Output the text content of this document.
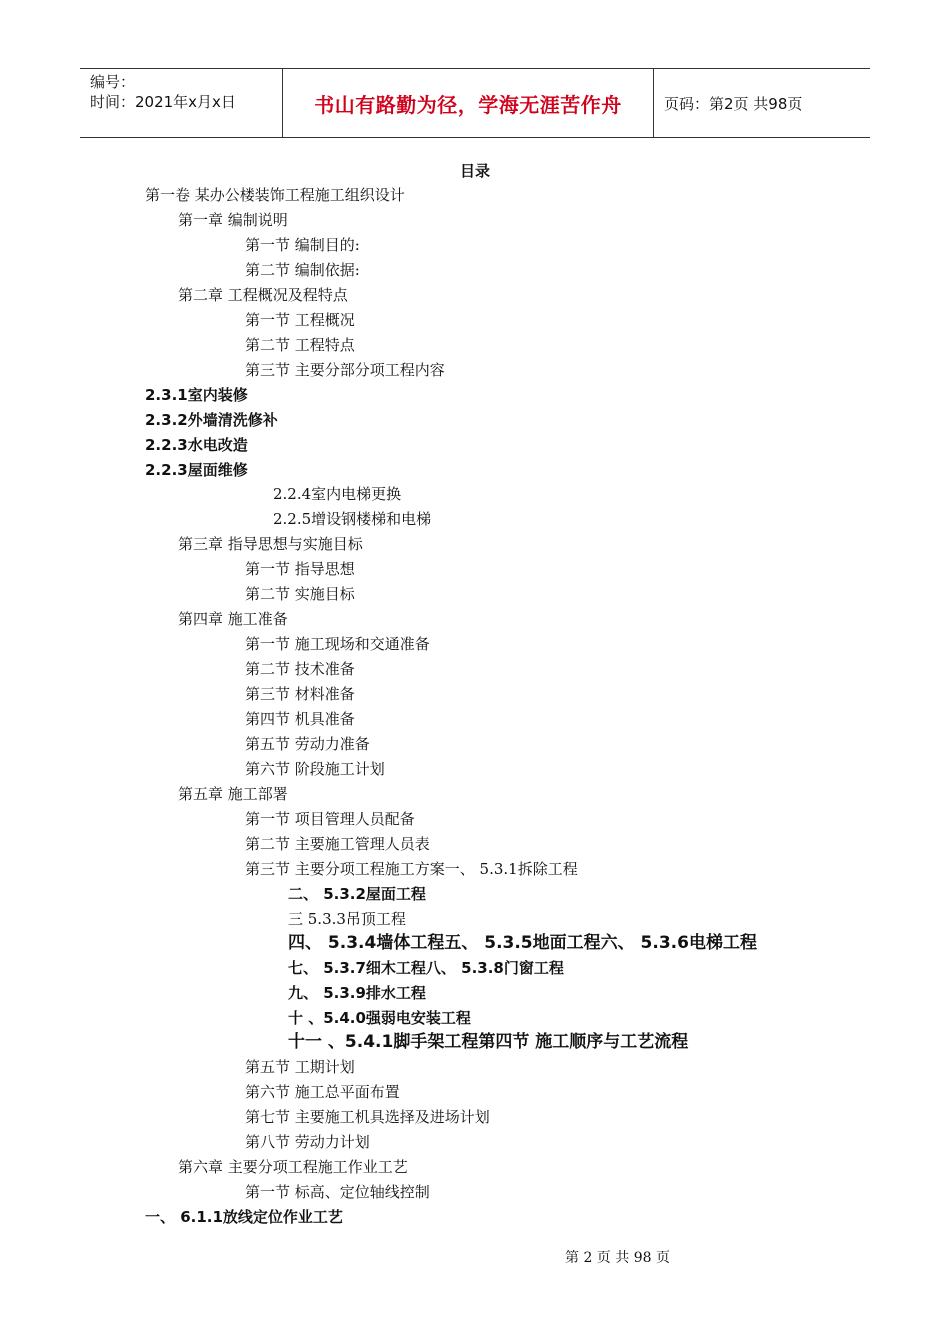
编号：
时间：2021年x月x日	书山有路勤为径，学海无涯苦作舟	页码：第2页 共98页
目录
第一卷 某办公楼装饰工程施工组织设计
第一章 编制说明
第一节 编制目的:
第二节 编制依据:
第二章 工程概况及程特点
第一节 工程概况
第二节 工程特点
第三节 主要分部分项工程内容
2.3.1室内装修
2.3.2外墙清洗修补
2.2.3水电改造
2.2.3屋面维修
2.2.4室内电梯更换
2.2.5增设钢楼梯和电梯
第三章 指导思想与实施目标
第一节 指导思想
第二节 实施目标
第四章 施工准备
第一节 施工现场和交通准备
第二节 技术准备
第三节 材料准备
第四节 机具准备
第五节 劳动力准备
第六节 阶段施工计划
第五章 施工部署
第一节 项目管理人员配备
第二节 主要施工管理人员表
第三节 主要分项工程施工方案一、 5.3.1拆除工程
二、 5.3.2屋面工程
三 5.3.3吊顶工程
四、 5.3.4墙体工程五、 5.3.5地面工程六、 5.3.6电梯工程
七、 5.3.7细木工程八、 5.3.8门窗工程
九、 5.3.9排水工程
十 、5.4.0强弱电安装工程
十一 、5.4.1脚手架工程第四节 施工顺序与工艺流程
第五节 工期计划
第六节 施工总平面布置
第七节 主要施工机具选择及进场计划
第八节 劳动力计划
第六章 主要分项工程施工作业工艺
第一节 标高、定位轴线控制
一、 6.1.1放线定位作业工艺
第 2 页 共 98 页
